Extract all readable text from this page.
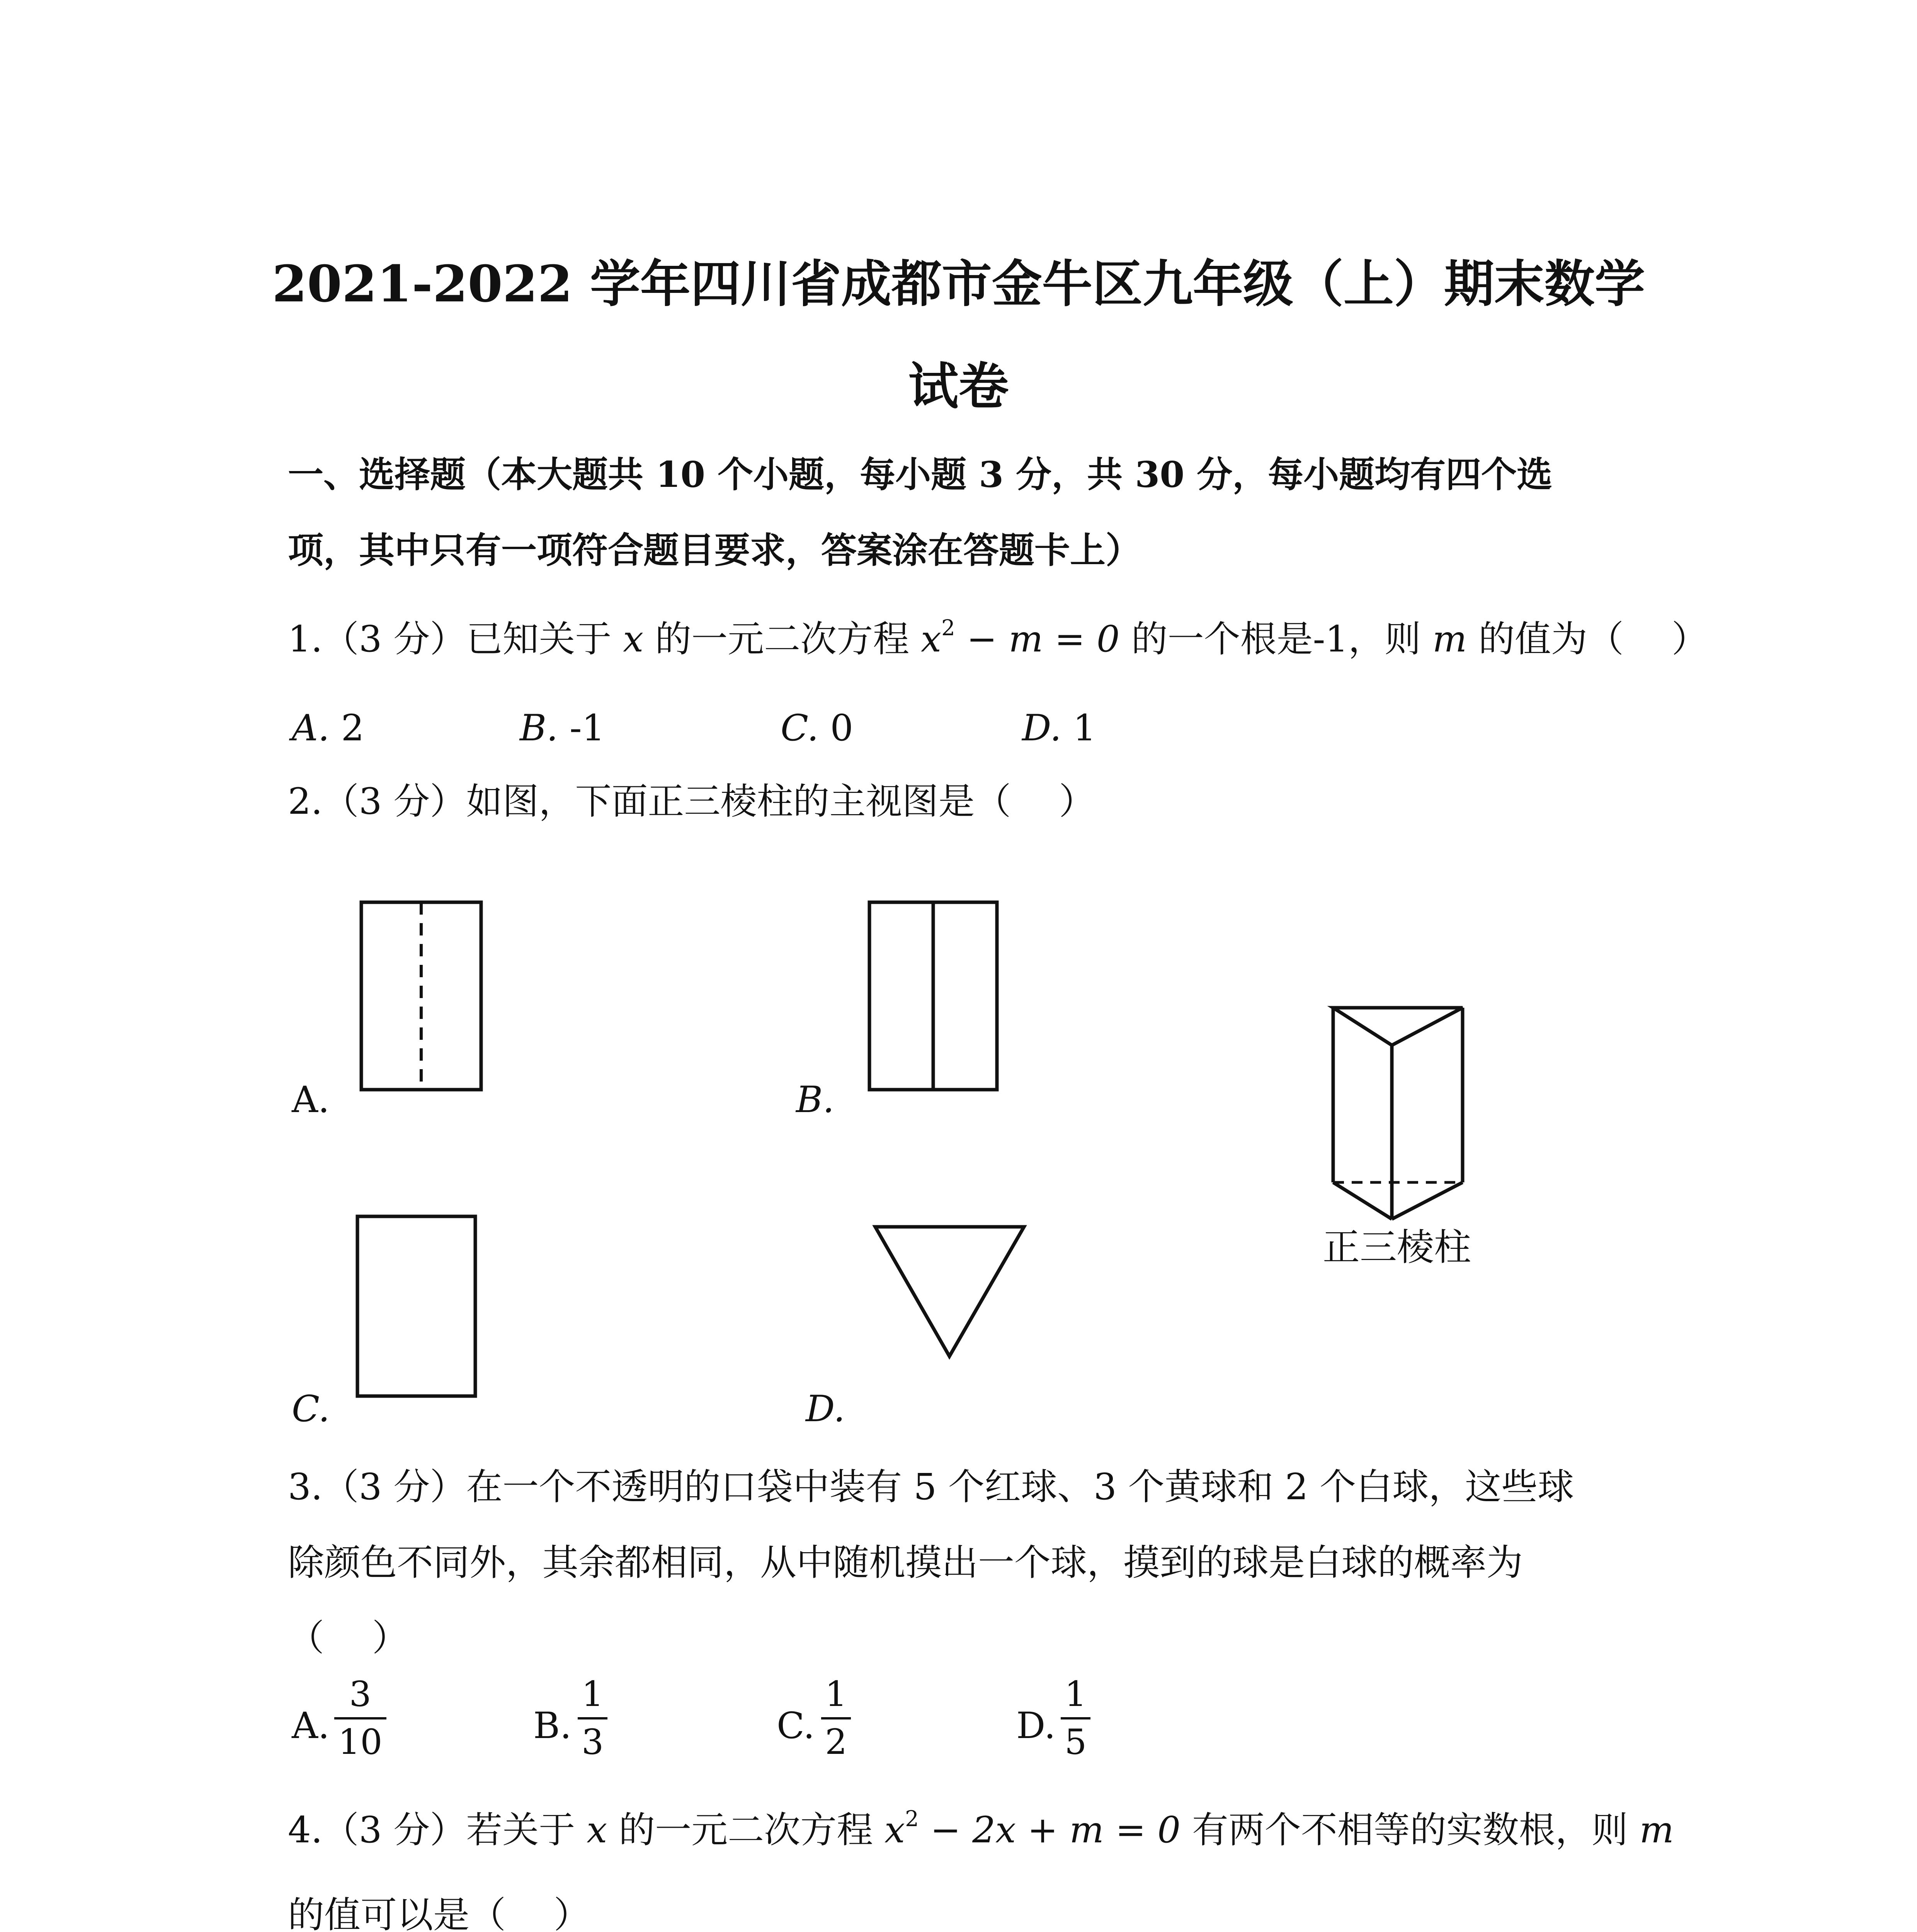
2021-2022 学年四川省成都市金牛区九年级（上）期末数学
试卷
一、选择题（本大题共 10 个小题，每小题 3 分，共 30 分，每小题均有四个选
项，其中只有一项符合题目要求，答案涂在答题卡上）
1.（3 分）已知关于 x 的一元二次方程 $x^2 - m = 0$ 的一个根是-1，则 m 的值为（　 ）
A. 2	B. -1	C. 0	D. 1
2.（3 分）如图，下面正三棱柱的主视图是（　 ）
A.	B.
C.	D.
正三棱柱
3.（3 分）在一个不透明的口袋中装有 5 个红球、3 个黄球和 2 个白球，这些球
除颜色不同外，其余都相同，从中随机摸出一个球，摸到的球是白球的概率为
（　 ）
A.
3
10	B.
1
3	C.
1
2	D.
1
5
4.（3 分）若关于 x 的一元二次方程 $x^2 - 2x + m = 0$ 有两个不相等的实数根，则 m
的值可以是（　 ）
